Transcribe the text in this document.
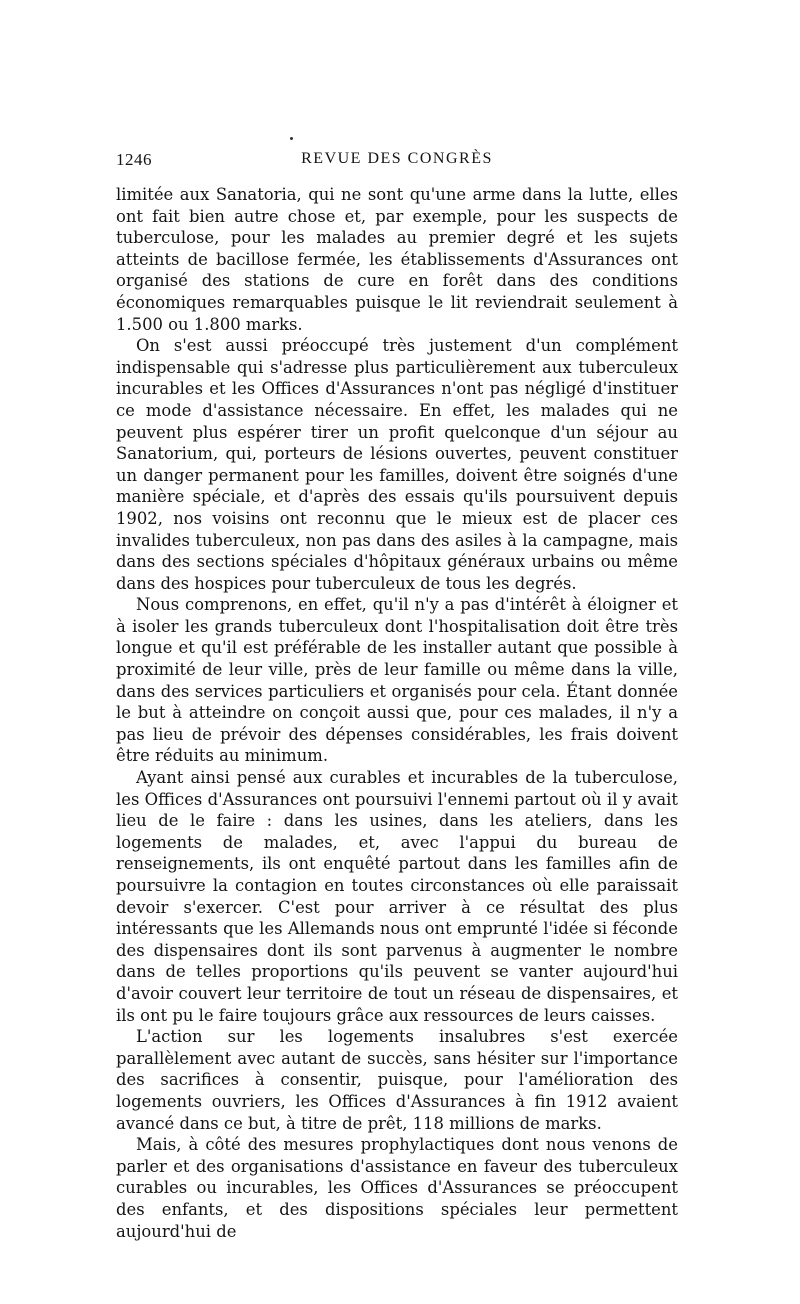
1246	REVUE DES CONGRÈS

limitée aux Sanatoria, qui ne sont qu'une arme dans la lutte, elles ont fait bien autre chose et, par exemple, pour les suspects de tuberculose, pour les malades au premier degré et les sujets atteints de bacillose fermée, les établissements d'Assurances ont organisé des stations de cure en forêt dans des conditions économiques remarquables puisque le lit reviendrait seulement à 1.500 ou 1.800 marks.

On s'est aussi préoccupé très justement d'un complément indispensable qui s'adresse plus particulièrement aux tuberculeux incurables et les Offices d'Assurances n'ont pas négligé d'instituer ce mode d'assistance nécessaire. En effet, les malades qui ne peuvent plus espérer tirer un profit quelconque d'un séjour au Sanatorium, qui, porteurs de lésions ouvertes, peuvent constituer un danger permanent pour les familles, doivent être soignés d'une manière spéciale, et d'après des essais qu'ils poursuivent depuis 1902, nos voisins ont reconnu que le mieux est de placer ces invalides tuberculeux, non pas dans des asiles à la campagne, mais dans des sections spéciales d'hôpitaux généraux urbains ou même dans des hospices pour tuberculeux de tous les degrés.

Nous comprenons, en effet, qu'il n'y a pas d'intérêt à éloigner et à isoler les grands tuberculeux dont l'hospitalisation doit être très longue et qu'il est préférable de les installer autant que possible à proximité de leur ville, près de leur famille ou même dans la ville, dans des services particuliers et organisés pour cela. Étant donnée le but à atteindre on conçoit aussi que, pour ces malades, il n'y a pas lieu de prévoir des dépenses considérables, les frais doivent être réduits au minimum.

Ayant ainsi pensé aux curables et incurables de la tuberculose, les Offices d'Assurances ont poursuivi l'ennemi partout où il y avait lieu de le faire : dans les usines, dans les ateliers, dans les logements de malades, et, avec l'appui du bureau de renseignements, ils ont enquêté partout dans les familles afin de poursuivre la contagion en toutes circonstances où elle paraissait devoir s'exercer. C'est pour arriver à ce résultat des plus intéressants que les Allemands nous ont emprunté l'idée si féconde des dispensaires dont ils sont parvenus à augmenter le nombre dans de telles proportions qu'ils peuvent se vanter aujourd'hui d'avoir couvert leur territoire de tout un réseau de dispensaires, et ils ont pu le faire toujours grâce aux ressources de leurs caisses.

L'action sur les logements insalubres s'est exercée parallèlement avec autant de succès, sans hésiter sur l'importance des sacrifices à consentir, puisque, pour l'amélioration des logements ouvriers, les Offices d'Assurances à fin 1912 avaient avancé dans ce but, à titre de prêt, 118 millions de marks.

Mais, à côté des mesures prophylactiques dont nous venons de parler et des organisations d'assistance en faveur des tuberculeux curables ou incurables, les Offices d'Assurances se préoccupent des enfants, et des dispositions spéciales leur permettent aujourd'hui de
